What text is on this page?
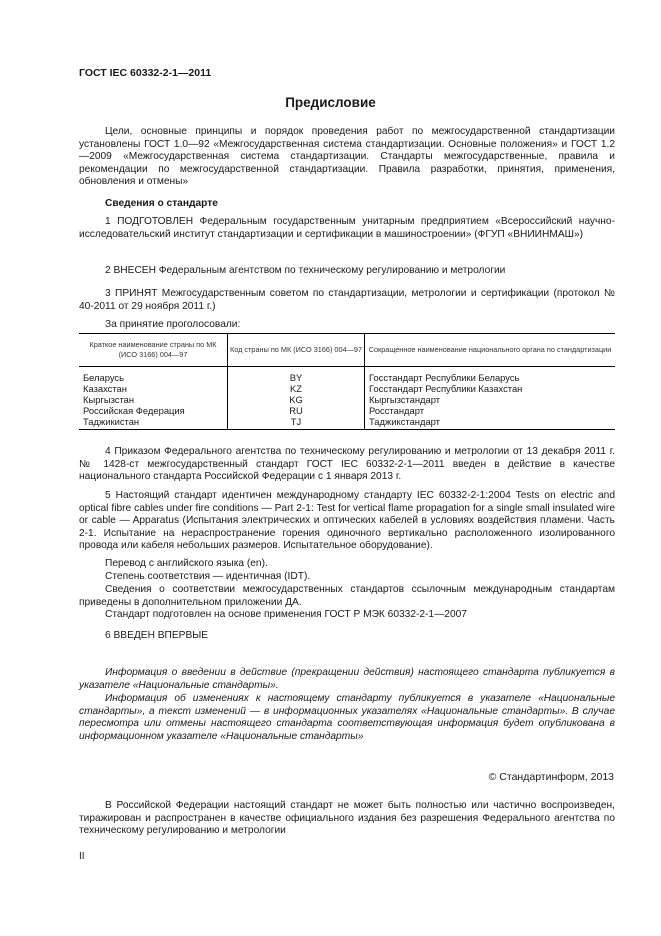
ГОСТ IEC 60332-2-1—2011
Предисловие

Цели, основные принципы и порядок проведения работ по межгосударственной стандартизации установлены ГОСТ 1.0—92 «Межгосударственная система стандартизации. Основные положения» и ГОСТ 1.2—2009 «Межгосударственная система стандартизации. Стандарты межгосударственные, правила и рекомендации по межгосударственной стандартизации. Правила разработки, принятия, применения, обновления и отмены»

Сведения о стандарте

1 ПОДГОТОВЛЕН Федеральным государственным унитарным предприятием «Всероссийский научно-исследовательский институт стандартизации и сертификации в машиностроении» (ФГУП «ВНИИНМАШ»)

2 ВНЕСЕН Федеральным агентством по техническому регулированию и метрологии

3 ПРИНЯТ Межгосударственным советом по стандартизации, метрологии и сертификации (протокол № 40-2011 от 29 ноября 2011 г.)

За принятие проголосовали:

Краткое наименование страны по МК (ИСО 3166) 004—97	Код страны по МК (ИСО 3166) 004—97	Сокращенное наименование национального органа по стандартизации
Беларусь	BY	Госстандарт Республики Беларусь
Казахстан	KZ	Госстандарт Республики Казахстан
Кыргызстан	KG	Кыргызстандарт
Российская Федерация	RU	Росстандарт
Таджикистан	TJ	Таджикстандарт

4 Приказом Федерального агентства по техническому регулированию и метрологии от 13 декабря 2011 г. № 1428-ст межгосударственный стандарт ГОСТ IEC 60332-2-1—2011 введен в действие в качестве национального стандарта Российской Федерации с 1 января 2013 г.

5 Настоящий стандарт идентичен международному стандарту IEC 60332-2-1:2004 Tests on electric and optical fibre cables under fire conditions — Part 2-1: Test for vertical flame propagation for a single small insulated wire or cable — Apparatus (Испытания электрических и оптических кабелей в условиях воздействия пламени. Часть 2-1. Испытание на нераспространение горения одиночного вертикально расположенного изолированного провода или кабеля небольших размеров. Испытательное оборудование).

Перевод с английского языка (en).

Степень соответствия — идентичная (IDT).

Сведения о соответствии межгосударственных стандартов ссылочным международным стандартам приведены в дополнительном приложении ДА.

Стандарт подготовлен на основе применения ГОСТ Р МЭК 60332-2-1—2007

6 ВВЕДЕН ВПЕРВЫЕ

Информация о введении в действие (прекращении действия) настоящего стандарта публикуется в указателе «Национальные стандарты».

Информация об изменениях к настоящему стандарту публикуется в указателе «Национальные стандарты», а текст изменений — в информационных указателях «Национальные стандарты». В случае пересмотра или отмены настоящего стандарта соответствующая информация будет опубликована в информационном указателе «Национальные стандарты»

© Стандартинформ, 2013

В Российской Федерации настоящий стандарт не может быть полностью или частично воспроизведен, тиражирован и распространен в качестве официального издания без разрешения Федерального агентства по техническому регулированию и метрологии

II
